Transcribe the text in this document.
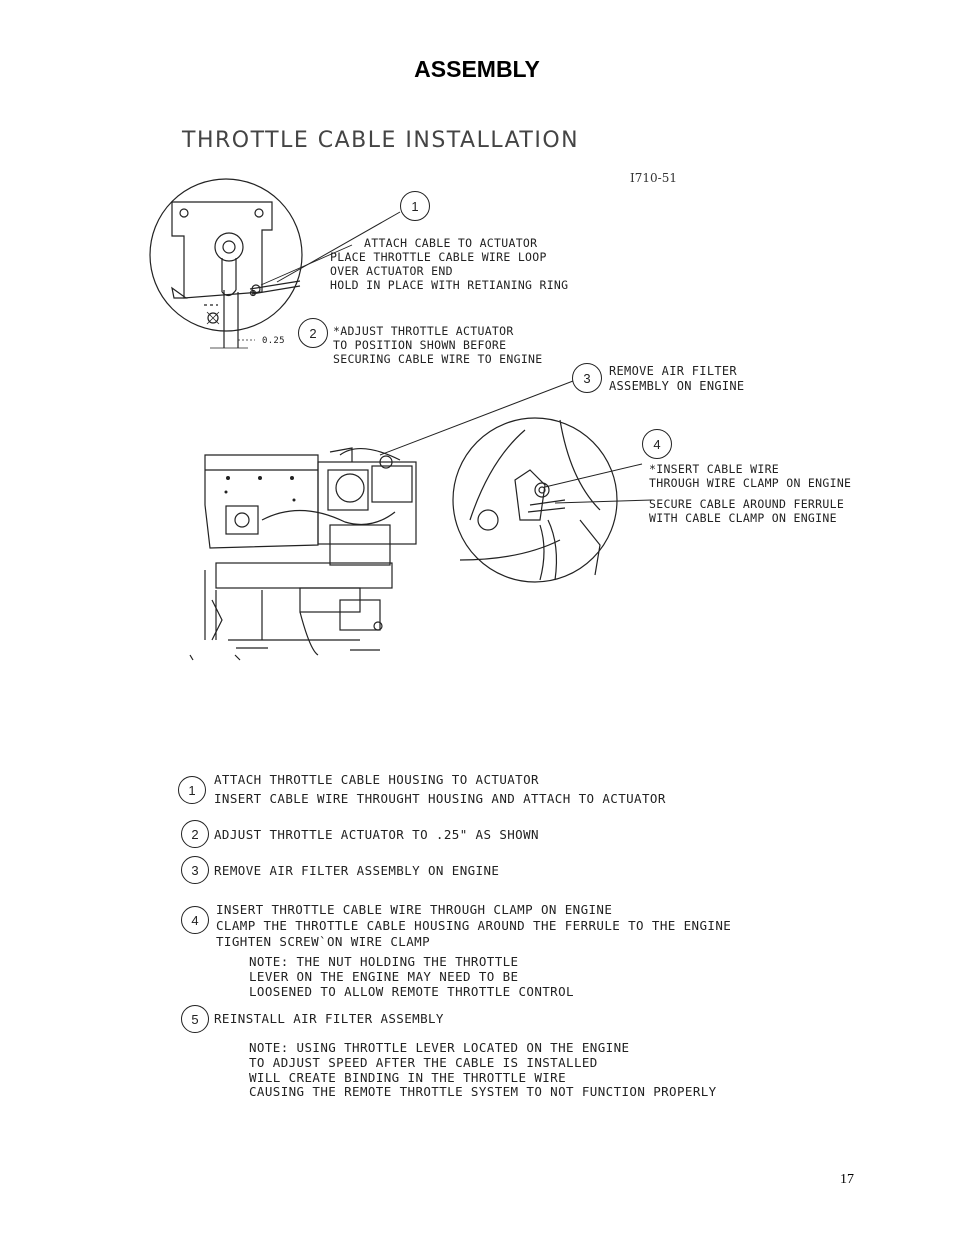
ASSEMBLY
THROTTLE CABLE INSTALLATION
I710-51
0.25
1
2
3
4
ATTACH CABLE TO ACTUATOR
PLACE THROTTLE CABLE WIRE LOOP
OVER ACTUATOR END
HOLD IN PLACE WITH RETIANING RING
*ADJUST THROTTLE ACTUATOR
TO POSITION SHOWN BEFORE
SECURING CABLE WIRE TO ENGINE
REMOVE AIR FILTER
ASSEMBLY ON ENGINE
*INSERT CABLE WIRE
THROUGH WIRE CLAMP ON ENGINE
SECURE CABLE AROUND FERRULE
WITH CABLE CLAMP ON ENGINE
1
ATTACH THROTTLE CABLE HOUSING TO ACTUATOR
INSERT CABLE WIRE THROUGHT HOUSING AND ATTACH TO ACTUATOR
2	ADJUST THROTTLE ACTUATOR TO .25" AS SHOWN
3	REMOVE AIR FILTER ASSEMBLY ON ENGINE
4
INSERT THROTTLE CABLE WIRE THROUGH CLAMP ON ENGINE
CLAMP THE THROTTLE CABLE HOUSING AROUND THE FERRULE TO THE ENGINE
TIGHTEN SCREW`ON WIRE CLAMP
NOTE: THE NUT HOLDING THE THROTTLE
LEVER ON THE ENGINE MAY NEED TO BE
LOOSENED TO ALLOW REMOTE THROTTLE CONTROL
5	REINSTALL AIR FILTER ASSEMBLY
NOTE: USING THROTTLE LEVER LOCATED ON THE ENGINE
TO ADJUST SPEED AFTER THE CABLE IS INSTALLED
WILL CREATE BINDING IN THE THROTTLE WIRE
CAUSING THE REMOTE THROTTLE SYSTEM TO NOT FUNCTION PROPERLY
17
